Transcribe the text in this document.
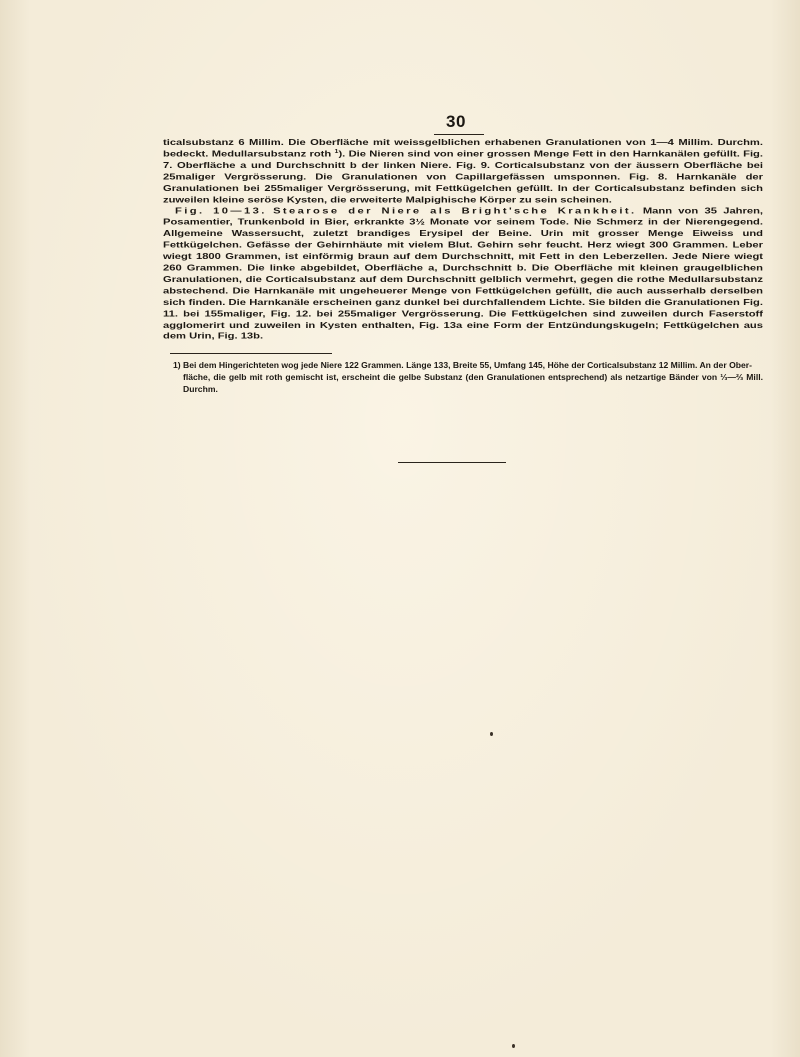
30

ticalsubstanz 6 Millim. Die Oberfläche mit weissgelblichen erhabenen Granulationen von 1—4 Millim. Durchm. bedeckt. Medullarsubstanz roth $^1$). Die Nieren sind von einer grossen Menge Fett in den Harnkanälen gefüllt. Fig. 7. Oberfläche a und Durchschnitt b der linken Niere. Fig. 9. Corticalsubstanz von der äussern Oberfläche bei 25maliger Vergrösserung. Die Granulationen von Capillargefässen umsponnen. Fig. 8. Harnkanäle der Granulationen bei 255maliger Vergrösserung, mit Fettkügelchen gefüllt. In der Corticalsubstanz befinden sich zuweilen kleine seröse Kysten, die erweiterte Malpighische Körper zu sein scheinen.

Fig. 10—13. Stearose der Niere als Bright'sche Krankheit. Mann von 35 Jahren, Posamentier, Trunkenbold in Bier, erkrankte 3½ Monate vor seinem Tode. Nie Schmerz in der Nierengegend. Allgemeine Wassersucht, zuletzt brandiges Erysipel der Beine. Urin mit grosser Menge Eiweiss und Fettkügelchen. Gefässe der Gehirnhäute mit vielem Blut. Gehirn sehr feucht. Herz wiegt 300 Grammen. Leber wiegt 1800 Grammen, ist einförmig braun auf dem Durchschnitt, mit Fett in den Leberzellen. Jede Niere wiegt 260 Grammen. Die linke abgebildet, Oberfläche a, Durchschnitt b. Die Oberfläche mit kleinen graugelblichen Granulationen, die Corticalsubstanz auf dem Durchschnitt gelblich vermehrt, gegen die rothe Medullarsubstanz abstechend. Die Harnkanäle mit ungeheuerer Menge von Fettkügelchen gefüllt, die auch ausserhalb derselben sich finden. Die Harnkanäle erscheinen ganz dunkel bei durchfallendem Lichte. Sie bilden die Granulationen Fig. 11. bei 155maliger, Fig. 12. bei 255maliger Vergrösserung. Die Fettkügelchen sind zuweilen durch Faserstoff agglomerirt und zuweilen in Kysten enthalten, Fig. 13a eine Form der Entzündungskugeln; Fettkügelchen aus dem Urin, Fig. 13b.

1) Bei dem Hingerichteten wog jede Niere 122 Grammen. Länge 133, Breite 55, Umfang 145, Höhe der Corticalsubstanz 12 Millim. An der Ober-
fläche, die gelb mit roth gemischt ist, erscheint die gelbe Substanz (den Granulationen entsprechend) als netzartige Bänder von ⅓—⅔ Mill. Durchm.
